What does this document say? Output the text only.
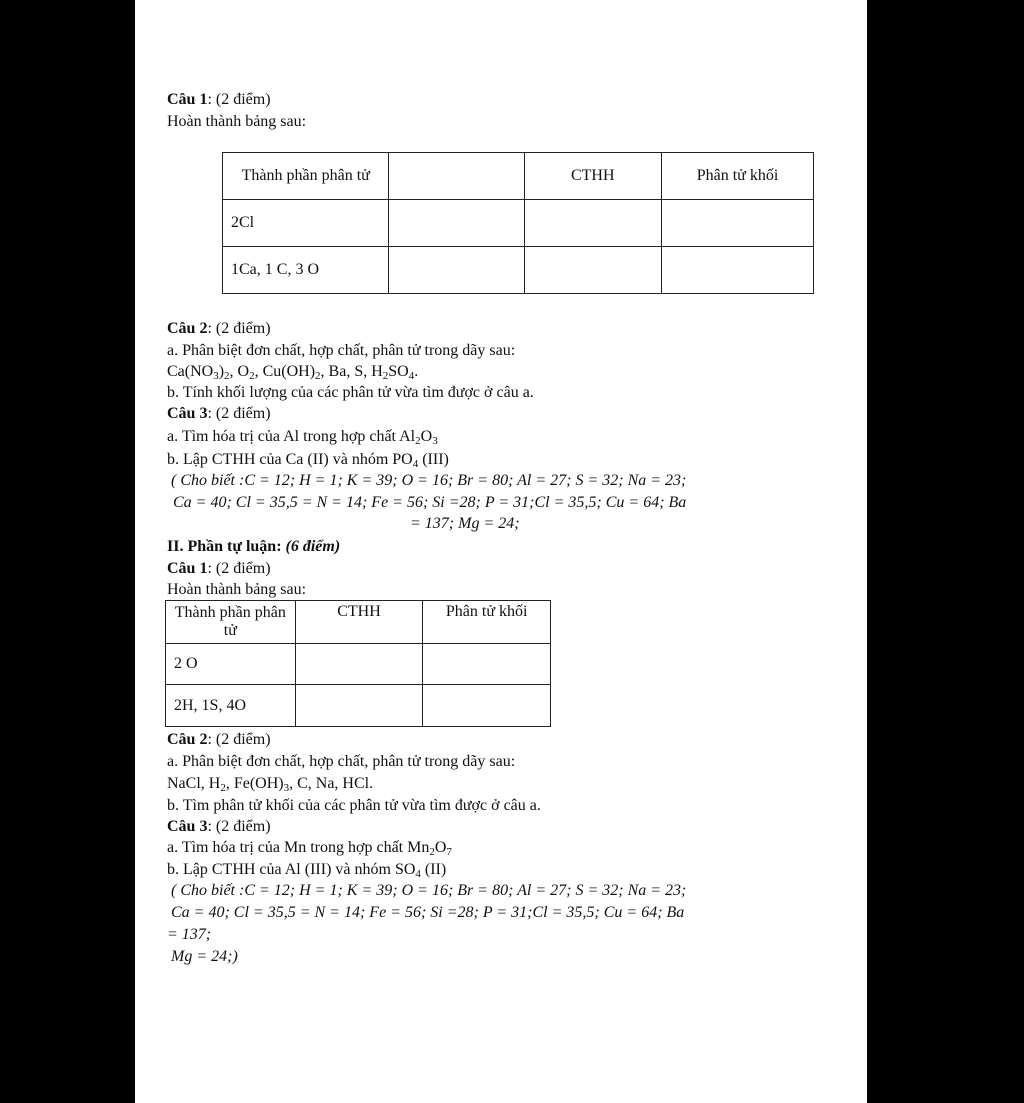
Câu 1: (2 điểm)
Hoàn thành bảng sau:
Thành phần phân tử		CTHH	Phân tử khối
2Cl			
1Ca, 1 C, 3 O			
Câu 2: (2 điểm)
a. Phân biệt đơn chất, hợp chất, phân tử trong dãy sau:
$Ca(NO_3)_2$, $O_2$, $Cu(OH)_2$, Ba, S, $H_2SO_4$.
b. Tính khối lượng của các phân tử vừa tìm được ở câu a.
Câu 3: (2 điểm)
a. Tìm hóa trị của Al trong hợp chất $Al_2O_3$
b. Lập CTHH của Ca (II) và nhóm $PO_4$ (III)
( Cho biết :C = 12; H = 1; K = 39; O = 16; Br = 80; Al = 27; S = 32; Na = 23;
Ca = 40; Cl = 35,5 = N = 14; Fe = 56; Si =28; P = 31;Cl = 35,5; Cu = 64; Ba
= 137; Mg = 24;
II. Phần tự luận: (6 điểm)
Câu 1: (2 điểm)
Hoàn thành bảng sau:
Thành phần phân tử	CTHH	Phân tử khối
2 O		
2H, 1S, 4O		
Câu 2: (2 điểm)
a. Phân biệt đơn chất, hợp chất, phân tử trong dãy sau:
NaCl, $H_2$, $Fe(OH)_3$, C, Na, HCl.
b. Tìm phân tử khối của các phân tử vừa tìm được ở câu a.
Câu 3: (2 điểm)
a. Tìm hóa trị của Mn trong hợp chất $Mn_2O_7$
b. Lập CTHH của Al (III) và nhóm $SO_4$ (II)
( Cho biết :C = 12; H = 1; K = 39; O = 16; Br = 80; Al = 27; S = 32; Na = 23;
Ca = 40; Cl = 35,5 = N = 14; Fe = 56; Si =28; P = 31;Cl = 35,5; Cu = 64; Ba
= 137;
Mg = 24;)
